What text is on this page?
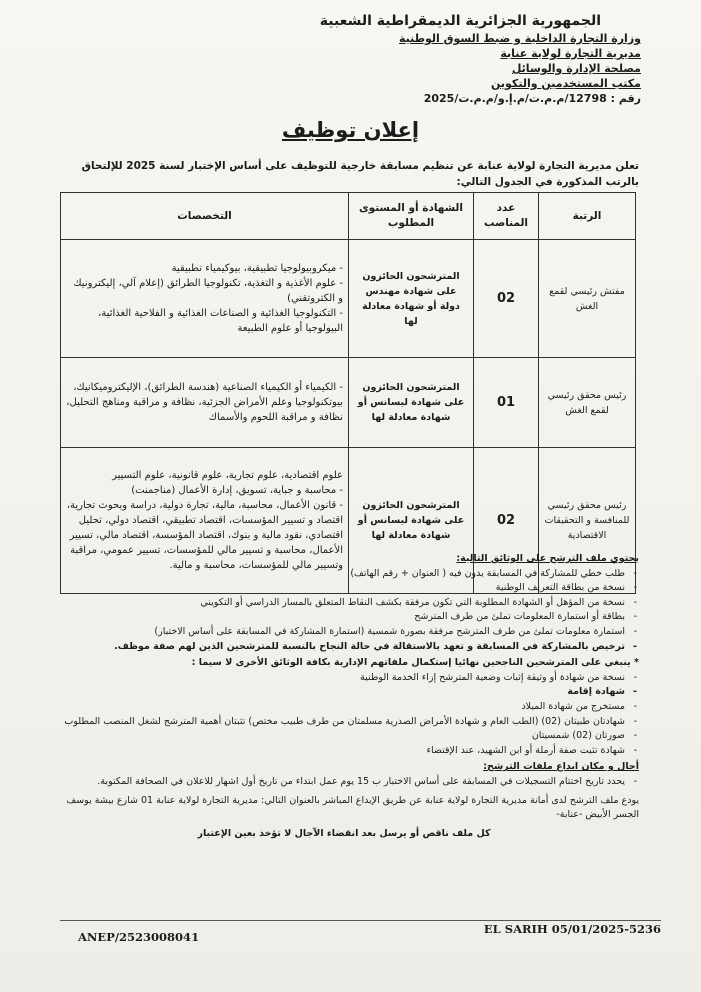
الجمهورية الجزائرية الديمقراطية الشعبية
وزارة التجارة الداخلية و ضبط السوق الوطنية
مديرية التجارة لولاية عنابة
مصلحة الإدارة والوسائل
مكتب المستخدمين والتكوين
رقم : 12798/م.م.ت/م.إ.و/م.م.ت/2025
إعلان توظيف
تعلن مديرية التجارة لولاية عنابة عن تنظيم مسابقة خارجية للتوظيف على أساس الإختبار لسنة 2025 للإلتحاق بالرتب المذكورة في الجدول التالي:
الرتبة	عدد المناصب	الشهادة أو المستوى المطلوب	التخصصات
مفتش رئيسي لقمع الغش	02	المترشحون الحائزون على شهادة مهندس دولة أو شهادة معادلة لها	- ميكروبيولوجيا تطبيقية، بيوكيمياء تطبيقية
- علوم الأغذية و التغذية، تكنولوجيا الطرائق (إعلام آلي، إليكترونيك و الكتروتقني)
- التكنولوجيا الغذائية و الصناعات الغذائية و الفلاحية الغذائية، البيولوجيا أو علوم الطبيعة

رئيس محقق رئيسي لقمع الغش	01	المترشحون الحائزون على شهادة ليسانس أو شهادة معادلة لها	- الكيمياء أو الكيمياء الصناعية (هندسة الطرائق)، الإليكتروميكانيك، بيوتكنولوجيا وعلم الأمراض الجزئية، نظافة و مراقبة ومناهج التحليل، نظافة و مراقبة اللحوم والأسماك

رئيس محقق رئيسي للمنافسة و التحقيقات الاقتصادية	02	المترشحون الحائزون على شهادة ليسانس أو شهادة معادلة لها	علوم اقتصادية، علوم تجارية، علوم قانونية، علوم التسيير
- محاسبة و جباية، تسويق، إدارة الأعمال (مناجمنت)
- قانون الأعمال، محاسبة، مالية، تجارة دولية، دراسة وبحوث تجارية، اقتصاد و تسيير المؤسسات، اقتصاد تطبيقي، اقتصاد دولي، تحليل اقتصادي، نقود مالية و بنوك، اقتصاد المؤسسة، اقتصاد مالي، تسيير الأعمال، محاسبة و تسيير مالي للمؤسسات، تسيير عمومي، مراقبة وتسيير مالي للمؤسسات، محاسبة و مالية.
يحتوي ملف الترشح على الوثائق التالية:
- طلب خطي للمشاركة في المسابقة يدون فيه ( العنوان + رقم الهاتف)
- نسخة من بطاقة التعريف الوطنية
- نسخة من المؤهل أو الشهادة المطلوبة التي تكون مرفقة بكشف النقاط المتعلق بالمسار الدراسي أو التكويني
- بطاقة أو استمارة المعلومات تملئ من طرف المترشح
- استمارة معلومات تملئ من طرف المترشح مرفقة بصورة شمسية (استمارة المشاركة في المسابقة على أساس الاختبار)
- ترخيص بالمشاركة في المسابقة و تعهد بالاستقالة في حالة النجاح بالنسبة للمترشحين الذين لهم صفة موظف.
* ينبغي على المترشحين الناجحين نهائيا إستكمال ملفاتهم الإدارية بكافة الوثائق الأخرى لا سيما :
- نسخة من شهادة أو وثيقة إثبات وضعية المترشح إزاء الخدمة الوطنية
- شهادة إقامة
- مستخرج من شهادة الميلاد
- شهادتان طبيتان (02) (الطب العام و شهادة الأمراض الصدرية مسلمتان من طرف طبيب مختص) تثبتان أهمية المترشح لشغل المنصب المطلوب
- صورتان (02) شمسيتان
- شهادة تثبت صفة أرملة أو ابن الشهيد، عند الإقتضاء
أجال و مكان ايداع ملفات الترشح:
- يحدد تاريخ اختتام التسجيلات في المسابقة على أساس الاختبار ب 15 يوم عمل ابتداء من تاريخ أول اشهار للاعلان في الصحافة المكتوبة.
يودع ملف الترشح لدى أمانة مديرية التجارة لولاية عنابة عن طريق الإيداع المباشر بالعنوان التالي: مديرية التجارة لولاية عنابة 01 شارع بيشة يوسف الجسر الأبيض -عنابة-
كل ملف ناقص أو يرسل بعد انقضاء الآجال لا تؤخذ بعين الإعتبار
ANEP/2523008041
EL SARIH 05/01/2025-5236
